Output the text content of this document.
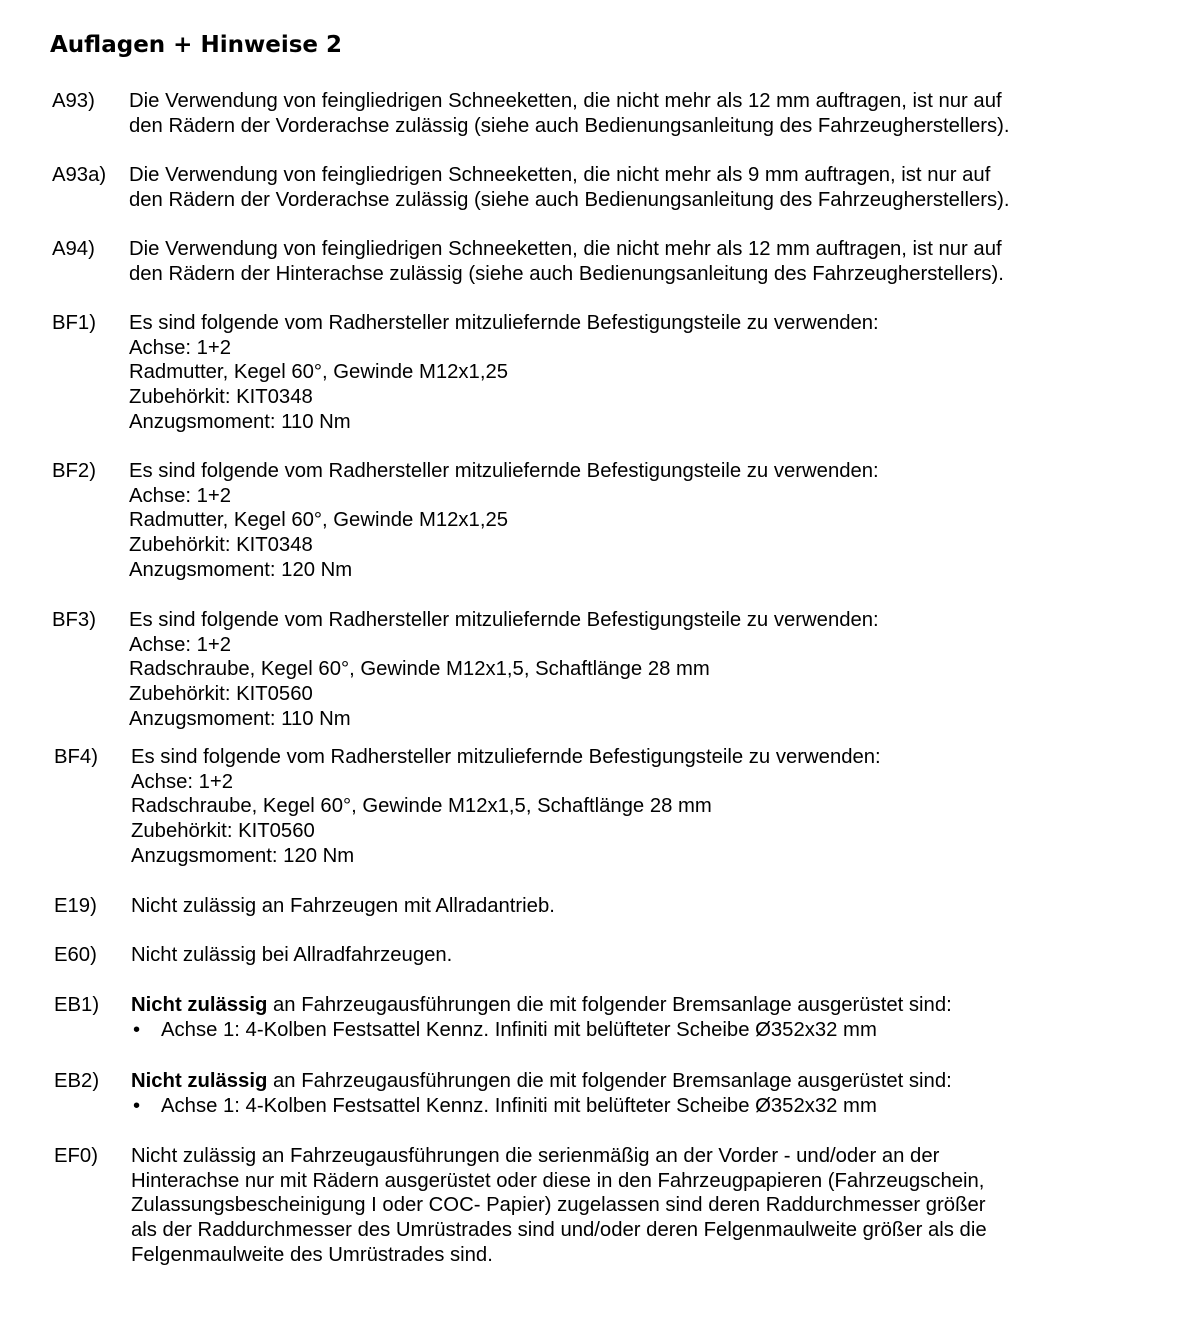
Auflagen + Hinweise 2
A93) Die Verwendung von feingliedrigen Schneeketten, die nicht mehr als 12 mm auftragen, ist nur auf
den Rädern der Vorderachse zulässig (siehe auch Bedienungsanleitung des Fahrzeugherstellers).
A93a) Die Verwendung von feingliedrigen Schneeketten, die nicht mehr als 9 mm auftragen, ist nur auf
den Rädern der Vorderachse zulässig (siehe auch Bedienungsanleitung des Fahrzeugherstellers).
A94) Die Verwendung von feingliedrigen Schneeketten, die nicht mehr als 12 mm auftragen, ist nur auf
den Rädern der Hinterachse zulässig (siehe auch Bedienungsanleitung des Fahrzeugherstellers).
BF1) Es sind folgende vom Radhersteller mitzuliefernde Befestigungsteile zu verwenden:
Achse: 1+2
Radmutter, Kegel 60°, Gewinde M12x1,25
Zubehörkit: KIT0348
Anzugsmoment: 110 Nm
BF2) Es sind folgende vom Radhersteller mitzuliefernde Befestigungsteile zu verwenden:
Achse: 1+2
Radmutter, Kegel 60°, Gewinde M12x1,25
Zubehörkit: KIT0348
Anzugsmoment: 120 Nm
BF3) Es sind folgende vom Radhersteller mitzuliefernde Befestigungsteile zu verwenden:
Achse: 1+2
Radschraube, Kegel 60°, Gewinde M12x1,5, Schaftlänge 28 mm
Zubehörkit: KIT0560
Anzugsmoment: 110 Nm
BF4) Es sind folgende vom Radhersteller mitzuliefernde Befestigungsteile zu verwenden:
Achse: 1+2
Radschraube, Kegel 60°, Gewinde M12x1,5, Schaftlänge 28 mm
Zubehörkit: KIT0560
Anzugsmoment: 120 Nm
E19) Nicht zulässig an Fahrzeugen mit Allradantrieb.
E60) Nicht zulässig bei Allradfahrzeugen.
EB1) Nicht zulässig an Fahrzeugausführungen die mit folgender Bremsanlage ausgerüstet sind:
• Achse 1: 4-Kolben Festsattel Kennz. Infiniti mit belüfteter Scheibe Ø352x32 mm
EB2) Nicht zulässig an Fahrzeugausführungen die mit folgender Bremsanlage ausgerüstet sind:
• Achse 1: 4-Kolben Festsattel Kennz. Infiniti mit belüfteter Scheibe Ø352x32 mm
EF0) Nicht zulässig an Fahrzeugausführungen die serienmäßig an der Vorder - und/oder an der
Hinterachse nur mit Rädern ausgerüstet oder diese in den Fahrzeugpapieren (Fahrzeugschein,
Zulassungsbescheinigung I oder COC- Papier) zugelassen sind deren Raddurchmesser größer
als der Raddurchmesser des Umrüstrades sind und/oder deren Felgenmaulweite größer als die
Felgenmaulweite des Umrüstrades sind.
